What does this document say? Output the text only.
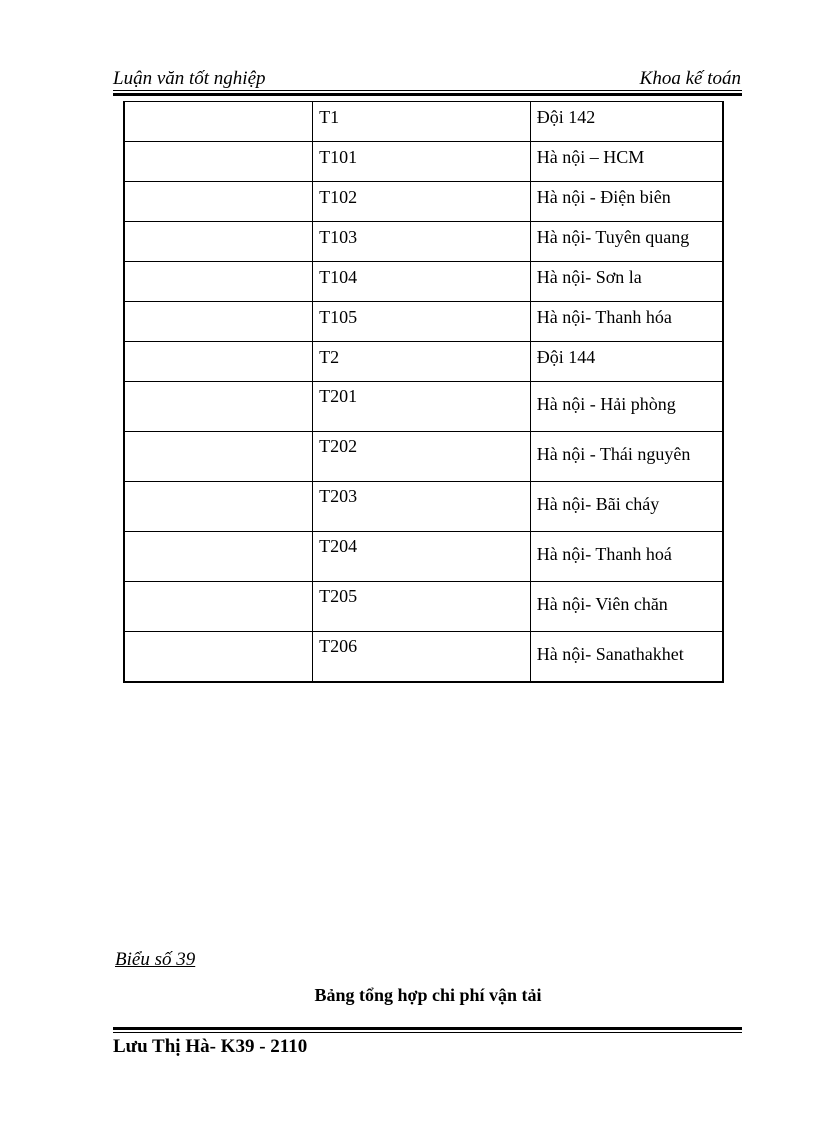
Luận văn tốt nghiệp	Khoa kế toán
	T1	Đội 142
	T101	Hà nội – HCM
	T102	Hà nội - Điện biên
	T103	Hà nội- Tuyên quang
	T104	Hà nội- Sơn la
	T105	Hà nội- Thanh hóa
	T2	Đội 144
	T201	Hà nội - Hải phòng
	T202	Hà nội - Thái nguyên
	T203	Hà nội- Bãi cháy
	T204	Hà nội- Thanh hoá
	T205	Hà nội- Viên chăn
	T206	Hà nội- Sanathakhet
Biểu số 39
Bảng tổng hợp chi phí vận tải
Lưu Thị Hà- K39 - 2110
